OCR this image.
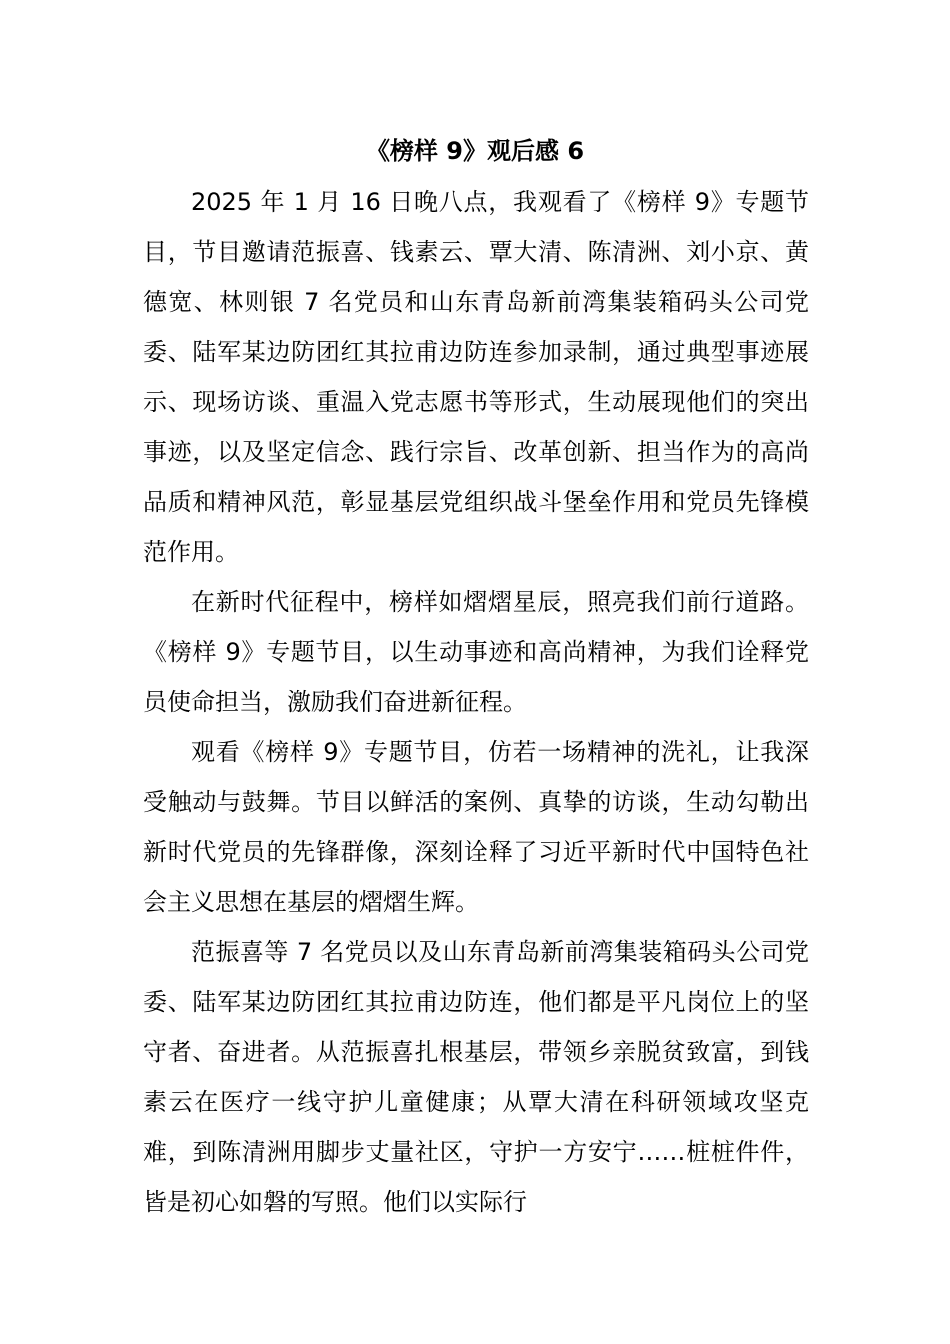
《榜样 9》观后感 6

2025 年 1 月 16 日晚八点，我观看了《榜样 9》专题节目，节目邀请范振喜、钱素云、覃大清、陈清洲、刘小京、黄德宽、林则银 7 名党员和山东青岛新前湾集装箱码头公司党委、陆军某边防团红其拉甫边防连参加录制，通过典型事迹展示、现场访谈、重温入党志愿书等形式，生动展现他们的突出事迹，以及坚定信念、践行宗旨、改革创新、担当作为的高尚品质和精神风范，彰显基层党组织战斗堡垒作用和党员先锋模范作用。

在新时代征程中，榜样如熠熠星辰，照亮我们前行道路。《榜样 9》专题节目，以生动事迹和高尚精神，为我们诠释党员使命担当，激励我们奋进新征程。

观看《榜样 9》专题节目，仿若一场精神的洗礼，让我深受触动与鼓舞。节目以鲜活的案例、真挚的访谈，生动勾勒出新时代党员的先锋群像，深刻诠释了习近平新时代中国特色社会主义思想在基层的熠熠生辉。

范振喜等 7 名党员以及山东青岛新前湾集装箱码头公司党委、陆军某边防团红其拉甫边防连，他们都是平凡岗位上的坚守者、奋进者。从范振喜扎根基层，带领乡亲脱贫致富，到钱素云在医疗一线守护儿童健康；从覃大清在科研领域攻坚克难，到陈清洲用脚步丈量社区，守护一方安宁……桩桩件件，皆是初心如磐的写照。他们以实际行
